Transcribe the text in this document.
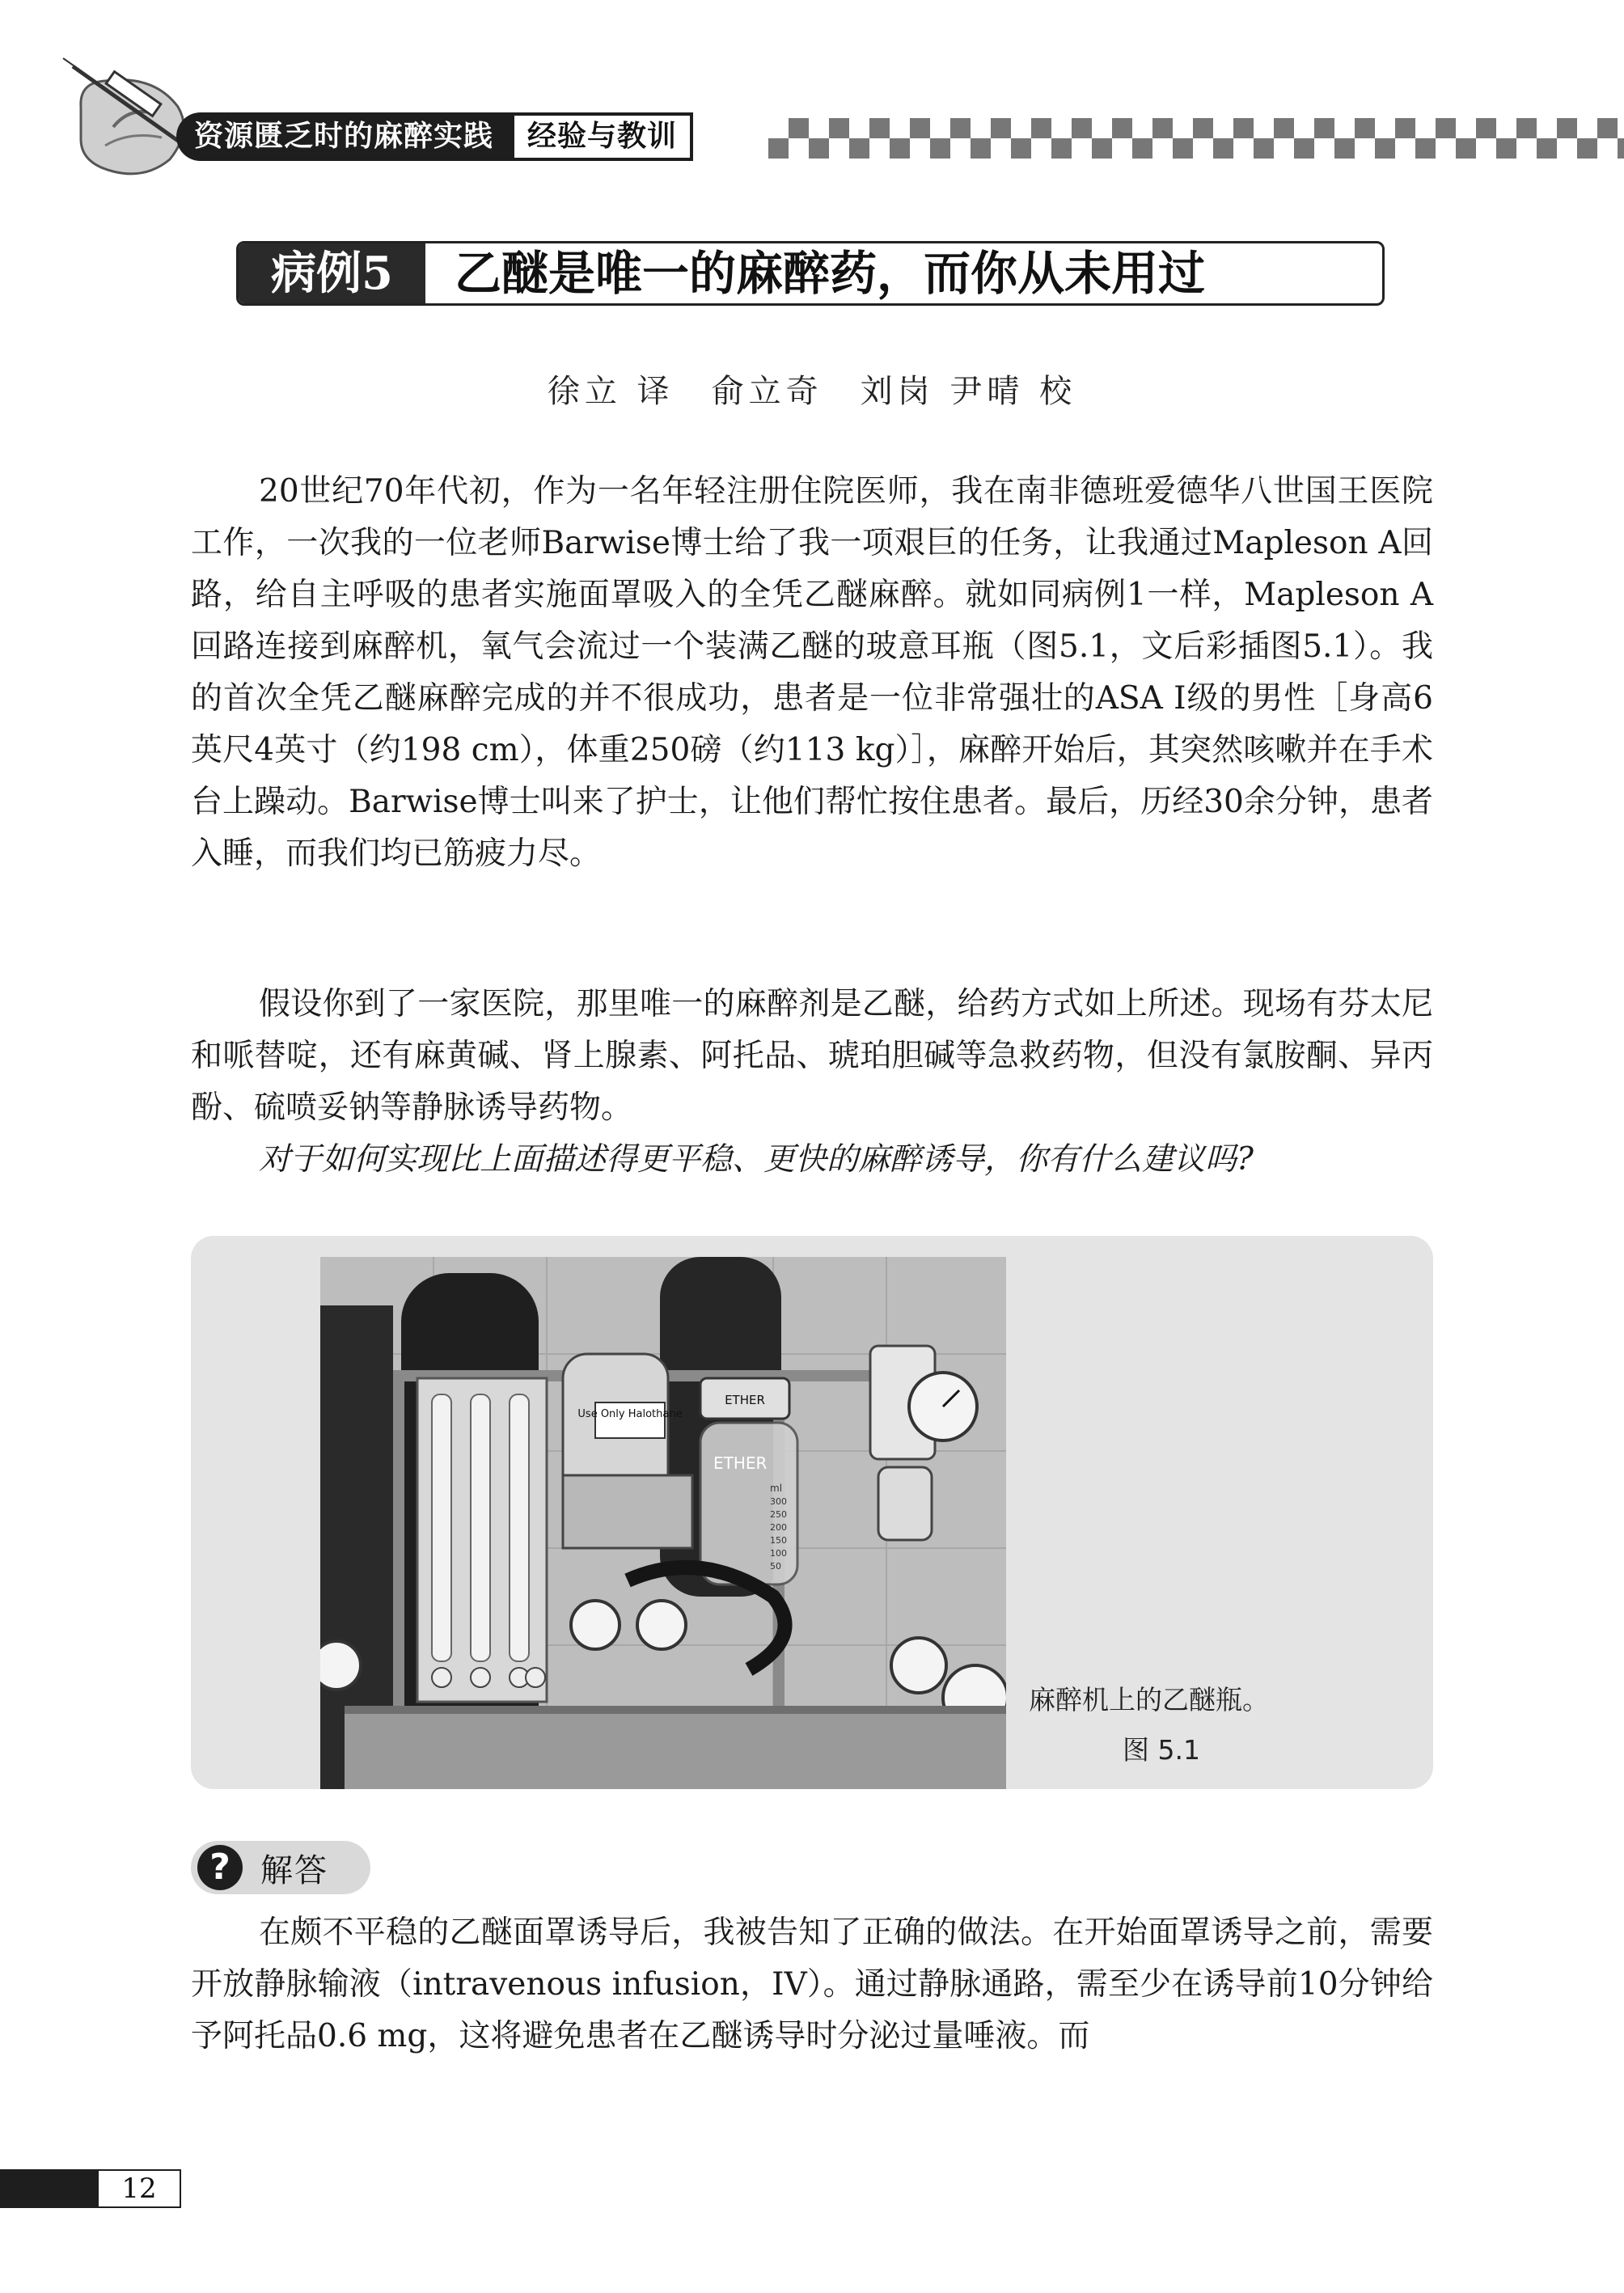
资源匮乏时的麻醉实践	经验与教训
病例5	乙醚是唯一的麻醉药，而你从未用过
徐立 译　俞立奇　刘岗 尹晴 校

20世纪70年代初，作为一名年轻注册住院医师，我在南非德班爱德华八世国王医院工作，一次我的一位老师Barwise博士给了我一项艰巨的任务，让我通过Mapleson A回路，给自主呼吸的患者实施面罩吸入的全凭乙醚麻醉。就如同病例1一样，Mapleson A回路连接到麻醉机，氧气会流过一个装满乙醚的玻意耳瓶（图5.1，文后彩插图5.1）。我的首次全凭乙醚麻醉完成的并不很成功，患者是一位非常强壮的ASA Ⅰ级的男性［身高6英尺4英寸（约198 cm），体重250磅（约113 kg）］，麻醉开始后，其突然咳嗽并在手术台上躁动。Barwise博士叫来了护士，让他们帮忙按住患者。最后，历经30余分钟，患者入睡，而我们均已筋疲力尽。

假设你到了一家医院，那里唯一的麻醉剂是乙醚，给药方式如上所述。现场有芬太尼和哌替啶，还有麻黄碱、肾上腺素、阿托品、琥珀胆碱等急救药物，但没有氯胺酮、异丙酚、硫喷妥钠等静脉诱导药物。

对于如何实现比上面描述得更平稳、更快的麻醉诱导，你有什么建议吗?

Use Only Halothane
ETHER
ETHER
ml
300
250
200
150
100
50
麻醉机上的乙醚瓶。
图 5.1
? 解答

在颇不平稳的乙醚面罩诱导后，我被告知了正确的做法。在开始面罩诱导之前，需要开放静脉输液（intravenous infusion，IV）。通过静脉通路，需至少在诱导前10分钟给予阿托品0.6 mg，这将避免患者在乙醚诱导时分泌过量唾液。而

12
